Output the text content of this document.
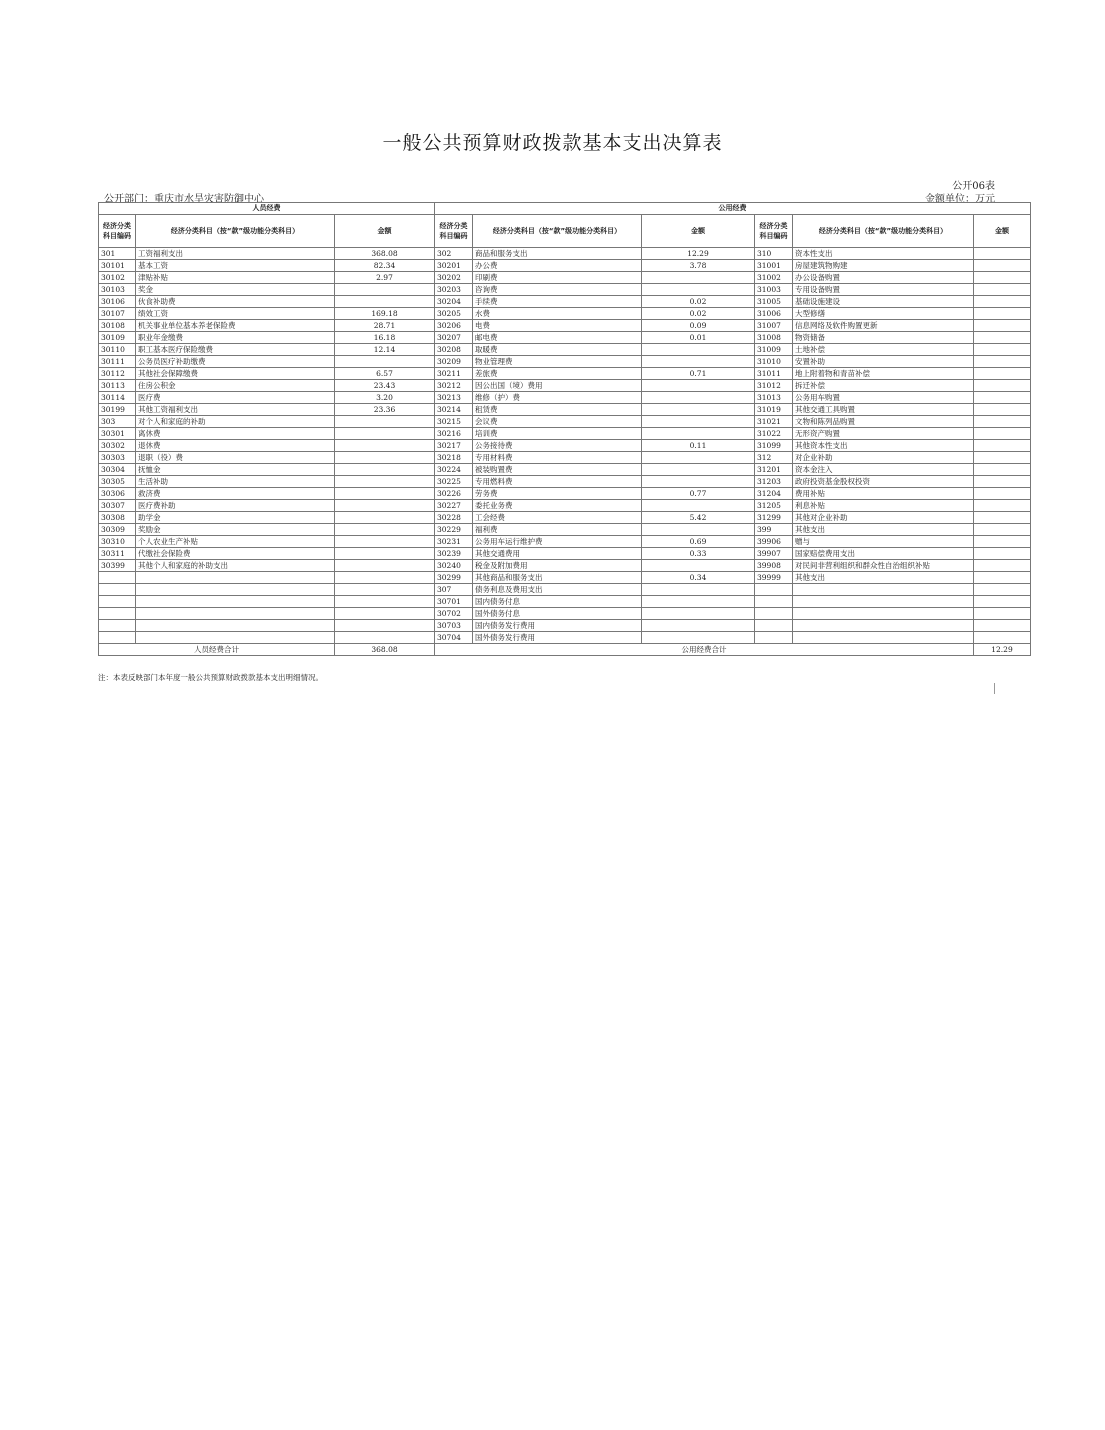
一般公共预算财政拨款基本支出决算表
公开06表
公开部门：重庆市水旱灾害防御中心	金额单位：万元
人员经费			公用经费					
经济分类科目编码	经济分类科目（按“款”级功能分类科目）	金额	经济分类科目编码	经济分类科目（按“款”级功能分类科目）	金额	经济分类科目编码	经济分类科目（按“款”级功能分类科目）	金额
301	工资福利支出	368.08	302	商品和服务支出	12.29	310	资本性支出	
30101	基本工资	82.34	30201	办公费	3.78	31001	房屋建筑物购建	
30102	津贴补贴	2.97	30202	印刷费		31002	办公设备购置	
30103	奖金		30203	咨询费		31003	专用设备购置	
30106	伙食补助费		30204	手续费	0.02	31005	基础设施建设	
30107	绩效工资	169.18	30205	水费	0.02	31006	大型修缮	
30108	机关事业单位基本养老保险费	28.71	30206	电费	0.09	31007	信息网络及软件购置更新	
30109	职业年金缴费	16.18	30207	邮电费	0.01	31008	物资储备	
30110	职工基本医疗保险缴费	12.14	30208	取暖费		31009	土地补偿	
30111	公务员医疗补助缴费		30209	物业管理费		31010	安置补助	
30112	其他社会保障缴费	6.57	30211	差旅费	0.71	31011	地上附着物和青苗补偿	
30113	住房公积金	23.43	30212	因公出国（境）费用		31012	拆迁补偿	
30114	医疗费	3.20	30213	维修（护）费		31013	公务用车购置	
30199	其他工资福利支出	23.36	30214	租赁费		31019	其他交通工具购置	
303	对个人和家庭的补助		30215	会议费		31021	文物和陈列品购置	
30301	离休费		30216	培训费		31022	无形资产购置	
30302	退休费		30217	公务接待费	0.11	31099	其他资本性支出	
30303	退职（役）费		30218	专用材料费		312	对企业补助	
30304	抚恤金		30224	被装购置费		31201	资本金注入	
30305	生活补助		30225	专用燃料费		31203	政府投资基金股权投资	
30306	救济费		30226	劳务费	0.77	31204	费用补贴	
30307	医疗费补助		30227	委托业务费		31205	利息补贴	
30308	助学金		30228	工会经费	5.42	31299	其他对企业补助	
30309	奖励金		30229	福利费		399	其他支出	
30310	个人农业生产补贴		30231	公务用车运行维护费	0.69	39906	赠与	
30311	代缴社会保险费		30239	其他交通费用	0.33	39907	国家赔偿费用支出	
30399	其他个人和家庭的补助支出		30240	税金及附加费用		39908	对民间非营利组织和群众性自治组织补贴	
			30299	其他商品和服务支出	0.34	39999	其他支出	
			307	债务利息及费用支出				
			30701	国内债务付息				
			30702	国外债务付息				
			30703	国内债务发行费用				
			30704	国外债务发行费用				
人员经费合计		368.08	公用经费合计					12.29
注：本表反映部门本年度一般公共预算财政拨款基本支出明细情况。
